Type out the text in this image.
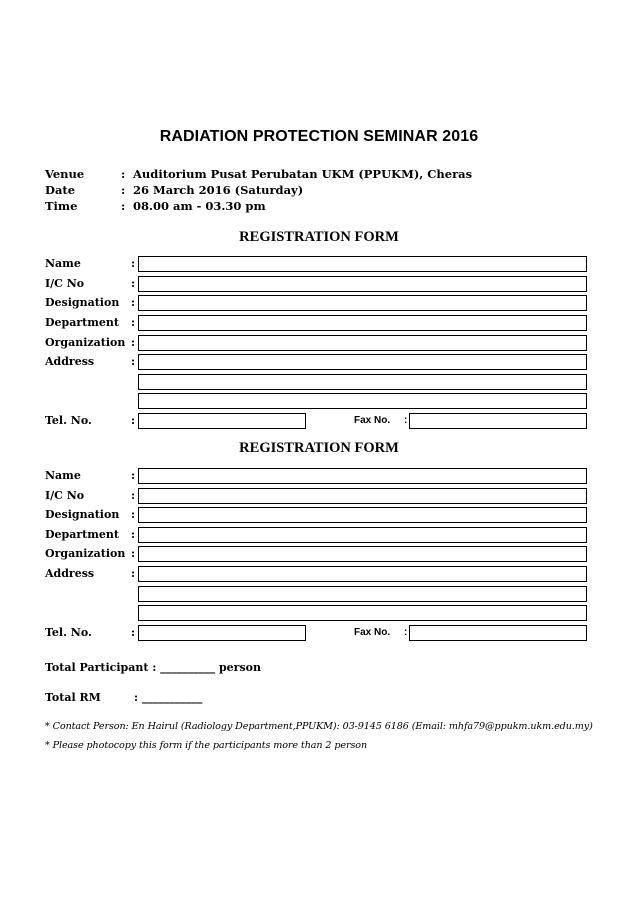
RADIATION PROTECTION SEMINAR 2016
Venue	: Auditorium Pusat Perubatan UKM (PPUKM), Cheras
Date	: 26 March 2016 (Saturday)
Time	: 08.00 am - 03.30 pm
REGISTRATION FORM
Name	:
I/C No	:
Designation :
Department :
Organization :
Address	:
Tel. No.	:	Fax No. :
REGISTRATION FORM
Name	:
I/C No	:
Designation :
Department :
Organization :
Address	:
Tel. No.	:	Fax No. :
Total Participant : __________ person
Total RM	: ___________
* Contact Person: En Hairul (Radiology Department,PPUKM): 03-9145 6186 (Email: mhfa79@ppukm.ukm.edu.my)
* Please photocopy this form if the participants more than 2 person
